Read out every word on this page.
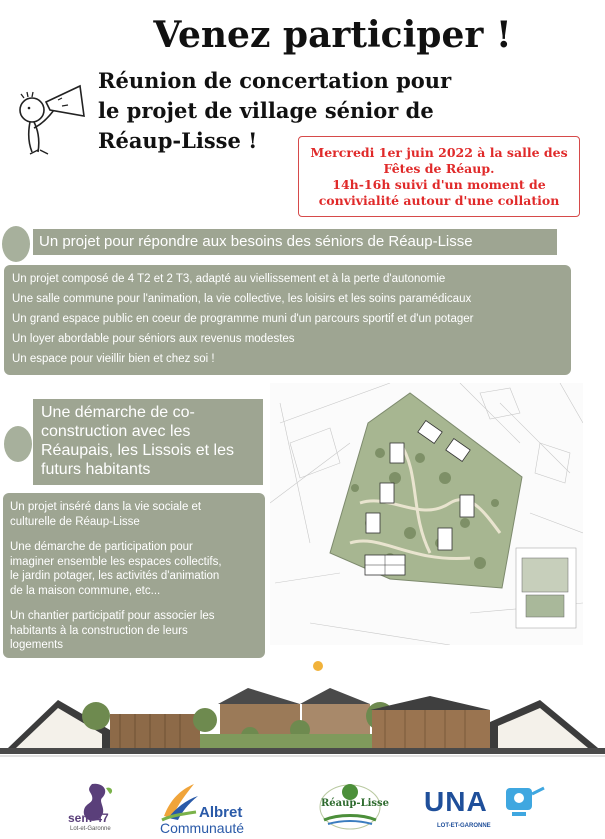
Venez participer !
Réunion de concertation pour
le projet de village sénior de
Réaup-Lisse !	Mercredi 1er juin 2022 à la salle des
Fêtes de Réaup.
14h-16h suivi d'un moment de
convivialité autour d'une collation
Un projet pour répondre aux besoins des séniors de Réaup-Lisse

Un projet composé de 4 T2 et 2 T3, adapté au viellissement et à la perte d'autonomie

Une salle commune pour l'animation, la vie collective, les loisirs et les soins paramédicaux

Un grand espace public en coeur de programme muni d'un parcours sportif et d'un potager

Un loyer abordable pour séniors aux revenus modestes

Un espace pour vieillir bien et chez soi !

Une démarche de co-
construction avec les
Réaupais, les Lissois et les
futurs habitants

Un projet inséré dans la vie sociale et
culturelle de Réaup-Lisse

Une démarche de participation pour
imaginer ensemble les espaces collectifs,
le jardin potager, les activités d'animation
de la maison commune, etc...

Un chantier participatif pour associer les
habitants à la construction de leurs
logements

sem 47
Lot-et-Garonne
Albret
Communauté
Réaup-Lisse UNA
LOT-ET-GARONNE
